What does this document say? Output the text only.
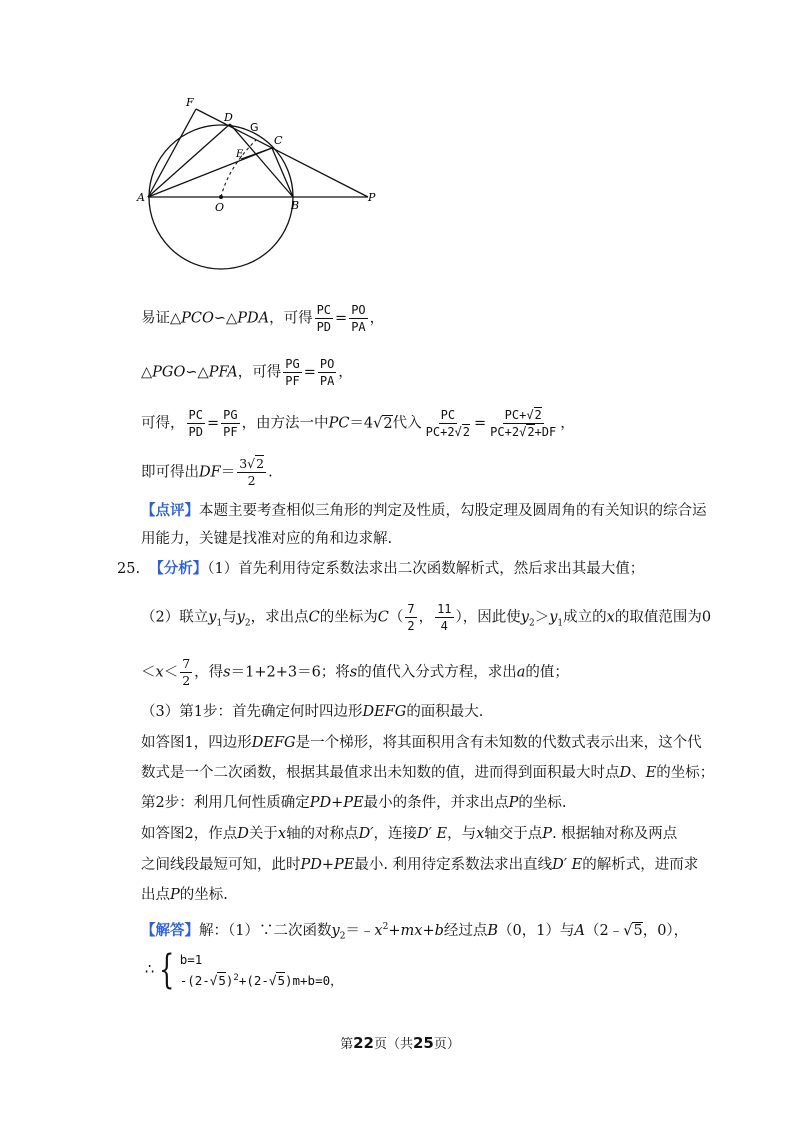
F
D
G
C
E
A
O	B
P
易证△PCO∽△PDA，可得 $\frac{PC}{PD} = \frac{PO}{PA}$ ，
△PGO∽△PFA，可得 $\frac{PG}{PF} = \frac{PO}{PA}$ ，
可得， $\frac{PC}{PD} = \frac{PG}{PF}$ ，由方法一中PC＝4√2代入 $\frac{PC}{PC+2√2} = \frac{PC+√2}{PC+2√2+DF}$ ，
即可得出$DF= \frac{3√2}{2}$ .
【点评】本题主要考查相似三角形的判定及性质，勾股定理及圆周角的有关知识的综合运
用能力，关键是找准对应的角和边求解.
25. 【分析】（1）首先利用待定系数法求出二次函数解析式，然后求出其最大值；
（2）联立$y_1$与$y_2$，求出点C的坐标为$C( \frac{7}{2}$ ， $\frac{11}{4}$ ），因此使$y_2>y_1$成立的x的取值范围为0
$<x< \frac{7}{2}$ ，得s＝1+2+3＝6；将s的值代入分式方程，求出a的值；
（3）第1步：首先确定何时四边形DEFG的面积最大.
如答图1，四边形DEFG是一个梯形，将其面积用含有未知数的代数式表示出来，这个代
数式是一个二次函数，根据其最值求出未知数的值，进而得到面积最大时点D、E的坐标；
第2步：利用几何性质确定PD+PE最小的条件，并求出点P的坐标.
如答图2，作点D关于x轴的对称点D′，连接D′ E，与x轴交于点P. 根据轴对称及两点
之间线段最短可知，此时PD+PE最小. 利用待定系数法求出直线D′ E的解析式，进而求
出点P的坐标.
【解答】解：（1）∵二次函数$y_2=﹣x^2+mx+b$经过点B（0，1）与A（2﹣√5，0），
∴ { b=1
$-(2-√5)^2+(2-√5)m+b=0$，
第22页（共25页）
